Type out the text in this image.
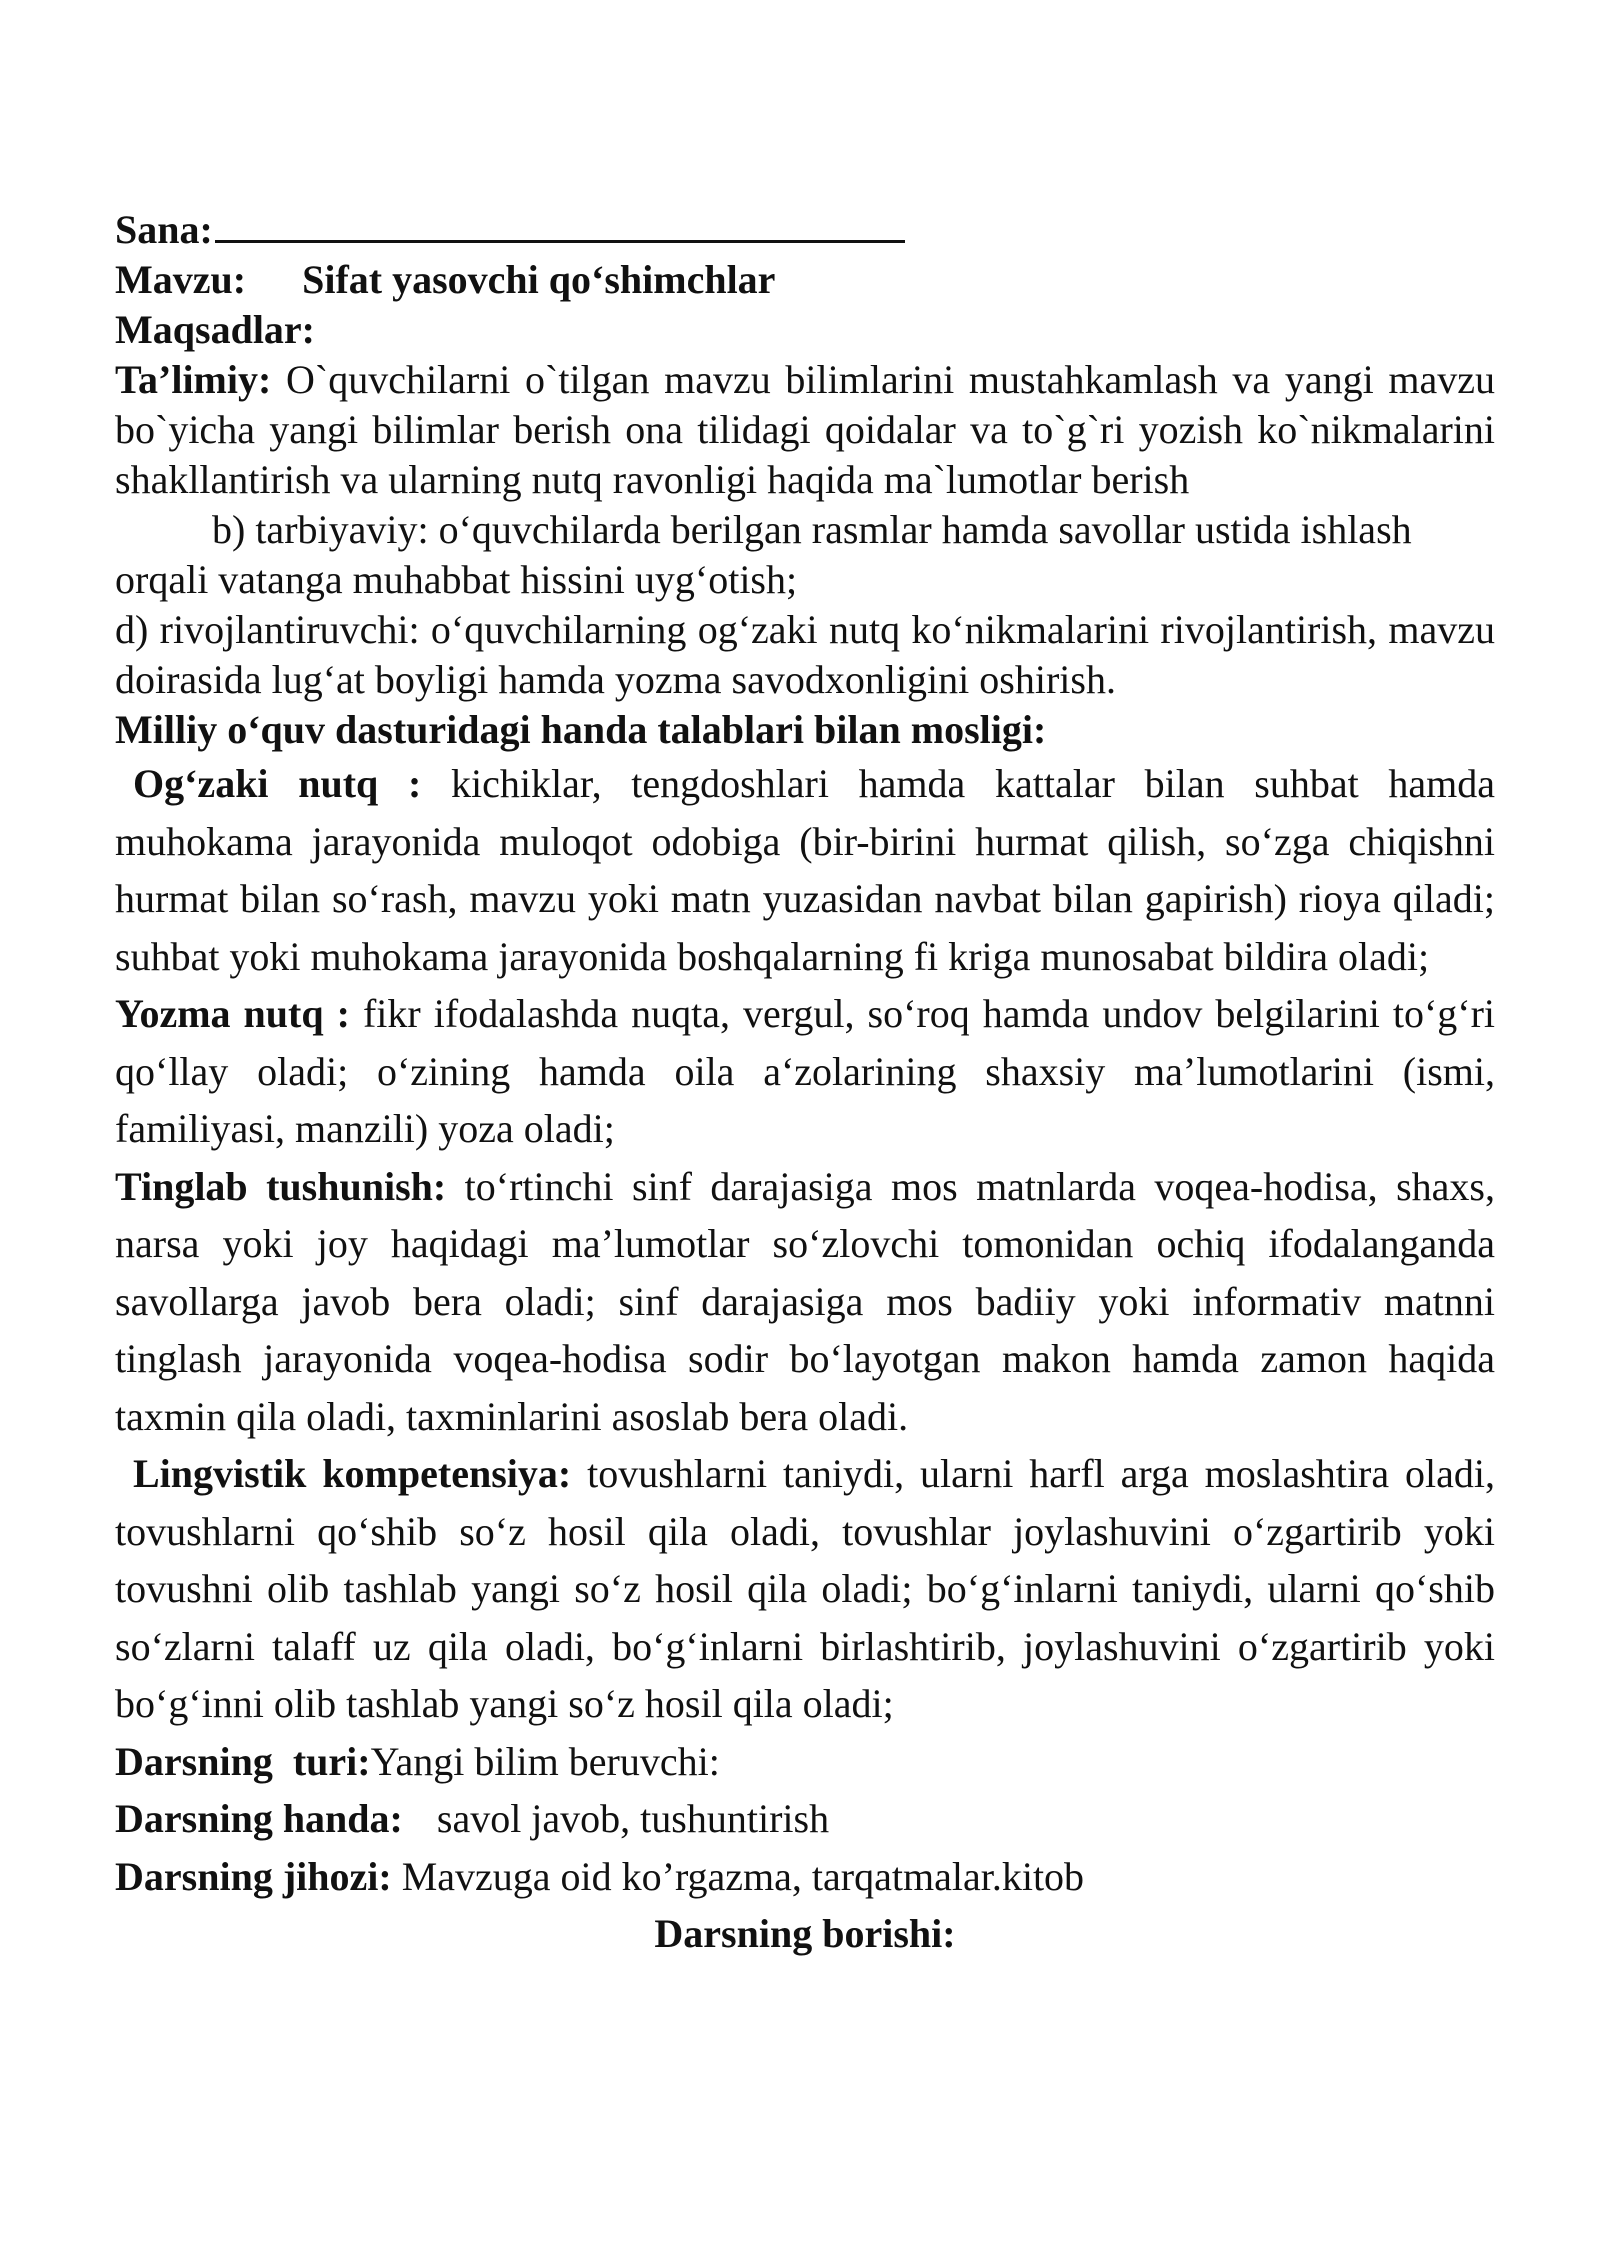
Sana:
Mavzu: Sifat yasovchi qo‘shimchlar
Maqsadlar:

Ta’limiy: O`quvchilarni o`tilgan mavzu bilimlarini mustahkamlash va yangi mavzu bo`yicha yangi bilimlar berish ona tilidagi qoidalar va to`g`ri yozish ko`nikmalarini shakllantirish va ularning nutq ravonligi haqida ma`lumotlar berish

b) tarbiyaviy: o‘quvchilarda berilgan rasmlar hamda savollar ustida ishlash orqali vatanga muhabbat hissini uyg‘otish;

d) rivojlantiruvchi: o‘quvchilarning og‘zaki nutq ko‘nikmalarini rivojlantirish, mavzu doirasida lug‘at boyligi hamda yozma savodxonligini oshirish.

Milliy o‘quv dasturidagi handa talablari bilan mosligi:

Og‘zaki nutq : kichiklar, tengdoshlari hamda kattalar bilan suhbat hamda muhokama jarayonida muloqot odobiga (bir-birini hurmat qilish, so‘zga chiqishni hurmat bilan so‘rash, mavzu yoki matn yuzasidan navbat bilan gapirish) rioya qiladi; suhbat yoki muhokama jarayonida boshqalarning fi kriga munosabat bildira oladi;

Yozma nutq : fikr ifodalashda nuqta, vergul, so‘roq hamda undov belgilarini to‘g‘ri qo‘llay oladi; o‘zining hamda oila a‘zolarining shaxsiy ma’lumotlarini (ismi, familiyasi, manzili) yoza oladi;

Tinglab tushunish: to‘rtinchi sinf darajasiga mos matnlarda voqea-hodisa, shaxs, narsa yoki joy haqidagi ma’lumotlar so‘zlovchi tomonidan ochiq ifodalanganda savollarga javob bera oladi; sinf darajasiga mos badiiy yoki informativ matnni tinglash jarayonida voqea-hodisa sodir bo‘layotgan makon hamda zamon haqida taxmin qila oladi, taxminlarini asoslab bera oladi.

Lingvistik kompetensiya: tovushlarni taniydi, ularni harfl arga moslashtira oladi, tovushlarni qo‘shib so‘z hosil qila oladi, tovushlar joylashuvini o‘zgartirib yoki tovushni olib tashlab yangi so‘z hosil qila oladi; bo‘g‘inlarni taniydi, ularni qo‘shib so‘zlarni talaff uz qila oladi, bo‘g‘inlarni birlashtirib, joylashuvini o‘zgartirib yoki bo‘g‘inni olib tashlab yangi so‘z hosil qila oladi;

Darsning  turi:Yangi bilim beruvchi:

Darsning handa: savol javob, tushuntirish

Darsning jihozi: Mavzuga oid ko’rgazma, tarqatmalar.kitob

Darsning borishi:
